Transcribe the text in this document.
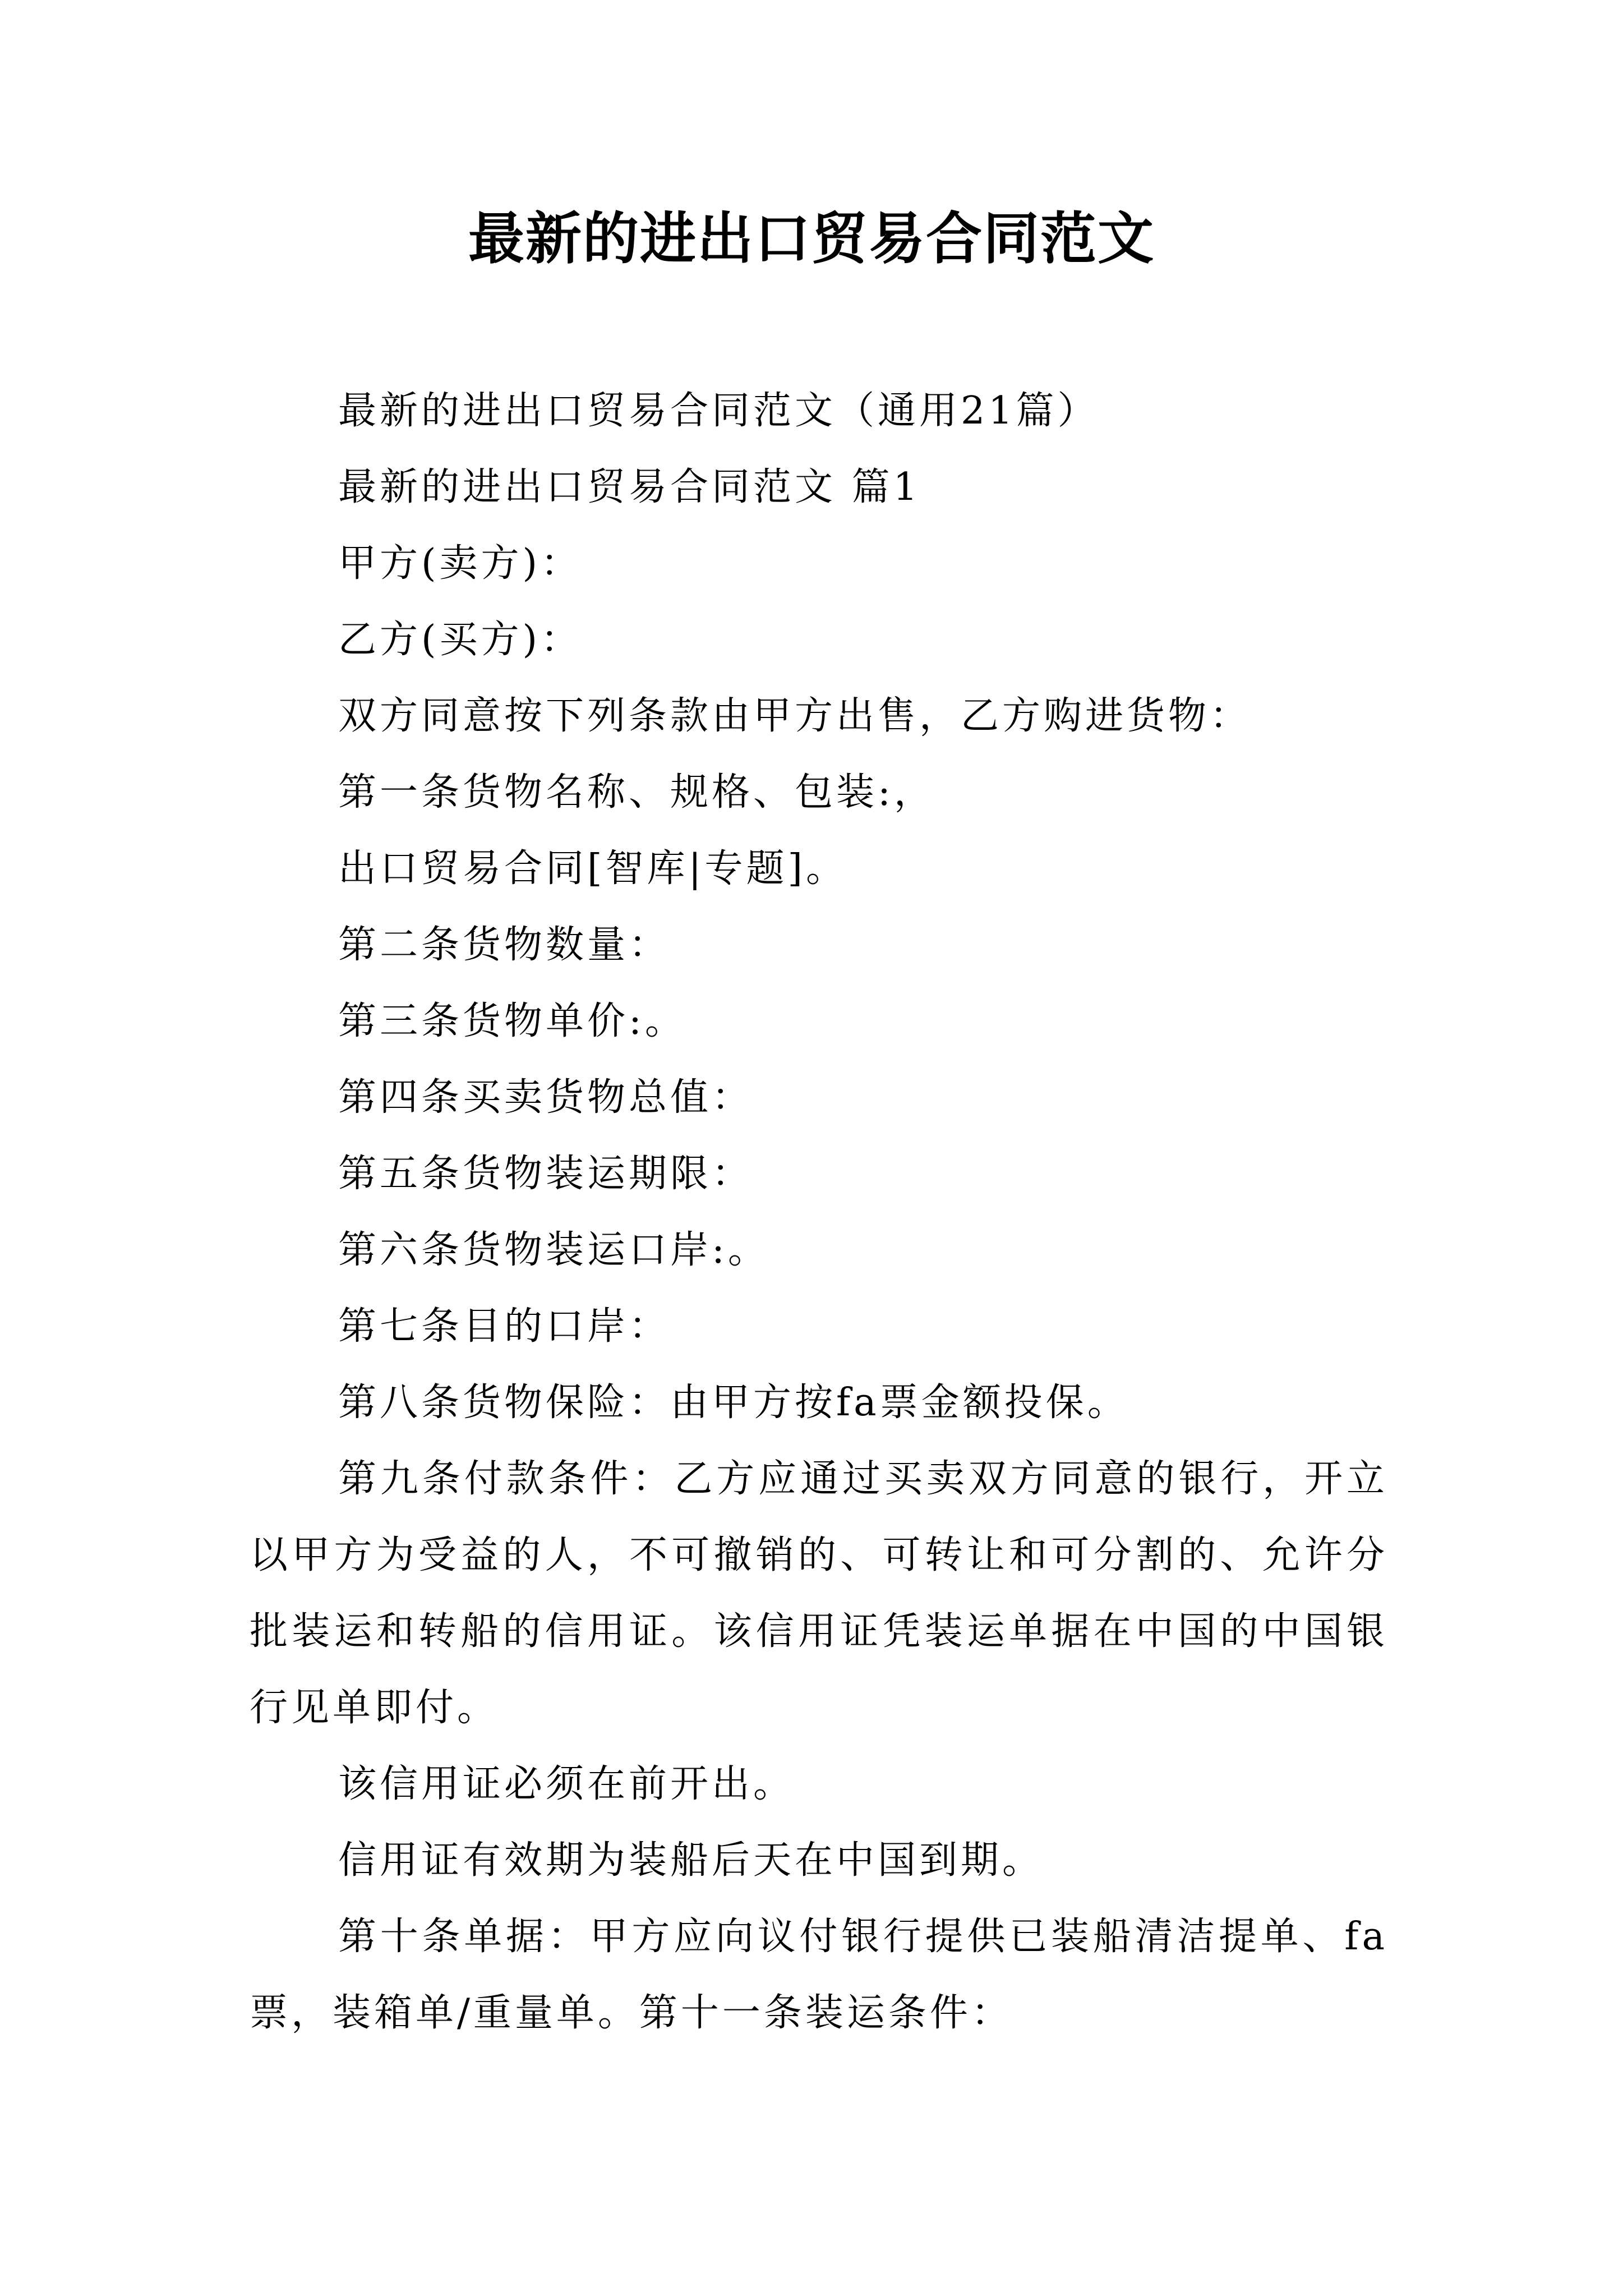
最新的进出口贸易合同范文

最新的进出口贸易合同范文（通用21篇）

最新的进出口贸易合同范文 篇1

甲方(卖方)：

乙方(买方)：

双方同意按下列条款由甲方出售，乙方购进货物：

第一条货物名称、规格、包装:，

出口贸易合同[智库|专题]。

第二条货物数量：

第三条货物单价:。

第四条买卖货物总值：

第五条货物装运期限：

第六条货物装运口岸:。

第七条目的口岸：

第八条货物保险：由甲方按fa票金额投保。

第九条付款条件：乙方应通过买卖双方同意的银行，开立以甲方为受益的人，不可撤销的、可转让和可分割的、允许分批装运和转船的信用证。该信用证凭装运单据在中国的中国银行见单即付。

该信用证必须在前开出。

信用证有效期为装船后天在中国到期。

第十条单据：甲方应向议付银行提供已装船清洁提单、fa票，装箱单/重量单。第十一条装运条件：
